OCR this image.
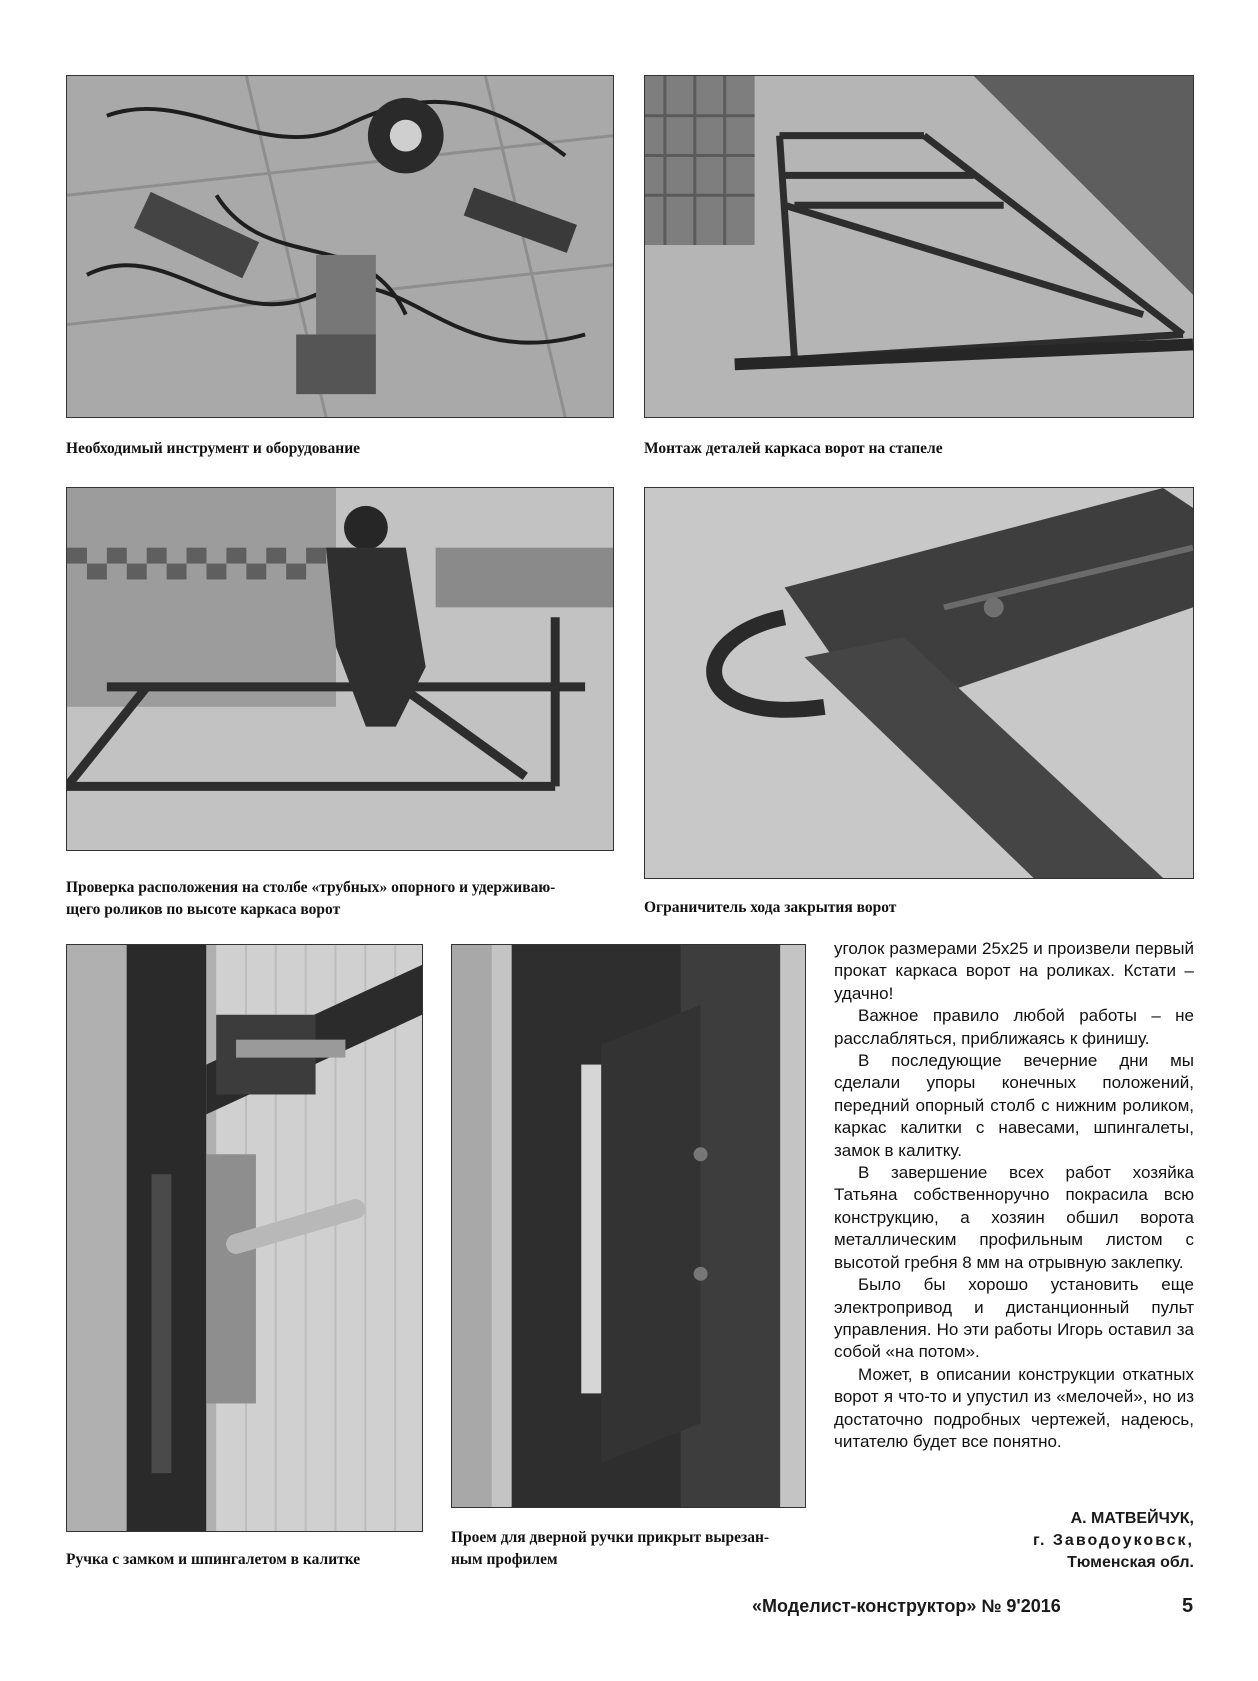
Необходимый инструмент и оборудование	Монтаж деталей каркаса ворот на стапеле

Проверка расположения на столбе «трубных» опорного и удерживаю-

щего роликов по высоте каркаса ворот	Ограничитель хода закрытия ворот

Ручка с замком и шпингалетом в калитке

Проем для дверной ручки прикрыт вырезан-

ным профилем

уголок размерами 25х25 и произвели первый прокат каркаса ворот на роликах. Кстати – удачно!

Важное правило любой работы – не расслабляться, приближаясь к финишу.

В последующие вечерние дни мы сделали упоры конечных положений, передний опорный столб с нижним роликом, каркас калитки с навесами, шпингалеты, замок в калитку.

В завершение всех работ хозяйка Татьяна собственноручно покрасила всю конструкцию, а хозяин обшил ворота металлическим профильным листом с высотой гребня 8 мм на отрывную заклепку.

Было бы хорошо установить еще электропривод и дистанционный пульт управления. Но эти работы Игорь оставил за собой «на потом».

Может, в описании конструкции откатных ворот я что-то и упустил из «мелочей», но из достаточно подробных чертежей, надеюсь, читателю будет все понятно.

А. МАТВЕЙЧУК,

г. Заводоуковск,

Тюменская обл.

«Моделист-конструктор» № 9'2016	5
